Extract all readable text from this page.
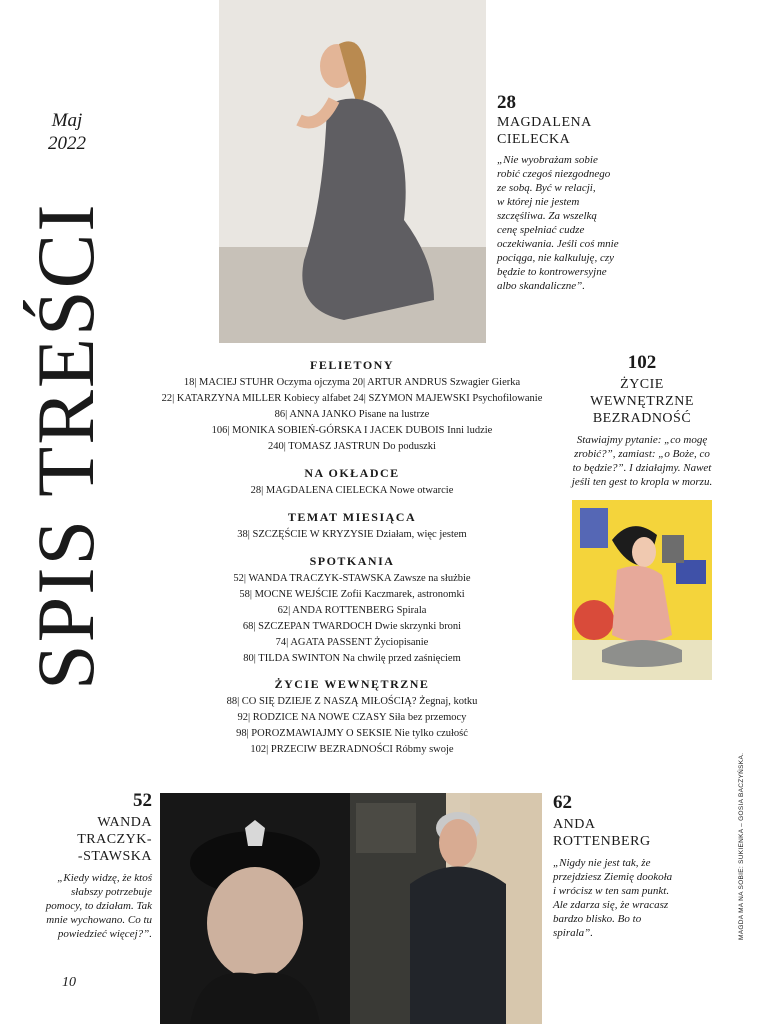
Maj
2022
SPIS TREŚCI
28
MAGDALENA
CIELECKA
„Nie wyobrażam sobie
robić czegoś niezgodnego
ze sobą. Być w relacji,
w której nie jestem
szczęśliwa. Za wszelką
cenę spełniać cudze
oczekiwania. Jeśli coś mnie
pociąga, nie kalkuluję, czy
będzie to kontrowersyjne
albo skandaliczne”.
102
ŻYCIE
WEWNĘTRZNE
BEZRADNOŚĆ
Stawiajmy pytanie: „co mogę
zrobić?”, zamiast: „o Boże, co
to będzie?”. I działajmy. Nawet
jeśli ten gest to kropla w morzu.

FELIETONY

18| MACIEJ STUHR Oczyma ojczyma 20| ARTUR ANDRUS Szwagier Gierka

22| KATARZYNA MILLER Kobiecy alfabet 24| SZYMON MAJEWSKI Psychofilowanie

86| ANNA JANKO Pisane na lustrze

106| MONIKA SOBIEŃ-GÓRSKA I JACEK DUBOIS Inni ludzie

240| TOMASZ JASTRUN Do poduszki

NA OKŁADCE

28| MAGDALENA CIELECKA Nowe otwarcie

TEMAT MIESIĄCA

38| SZCZĘŚCIE W KRYZYSIE Działam, więc jestem

SPOTKANIA

52| WANDA TRACZYK-STAWSKA Zawsze na służbie

58| MOCNE WEJŚCIE Zofii Kaczmarek, astronomki

62| ANDA ROTTENBERG Spirala

68| SZCZEPAN TWARDOCH Dwie skrzynki broni

74| AGATA PASSENT Życiopisanie

80| TILDA SWINTON Na chwilę przed zaśnięciem

ŻYCIE WEWNĘTRZNE

88| CO SIĘ DZIEJE Z NASZĄ MIŁOŚCIĄ? Żegnaj, kotku

92| RODZICE NA NOWE CZASY Siła bez przemocy

98| POROZMAWIAJMY O SEKSIE Nie tylko czułość

102| PRZECIW BEZRADNOŚCI Róbmy swoje

52
WANDA
TRACZYK-
-STAWSKA
„Kiedy widzę, że ktoś
słabszy potrzebuje
pomocy, to działam. Tak
mnie wychowano. Co tu
powiedzieć więcej?”.
62
ANDA
ROTTENBERG
„Nigdy nie jest tak, że
przejdziesz Ziemię dookoła
i wrócisz w ten sam punkt.
Ale zdarza się, że wracasz
bardzo blisko. Bo to
spirala”.
10
MAGDA MA NA SOBIE: SUKIENKA – GOSIA BACZYŃSKA.
